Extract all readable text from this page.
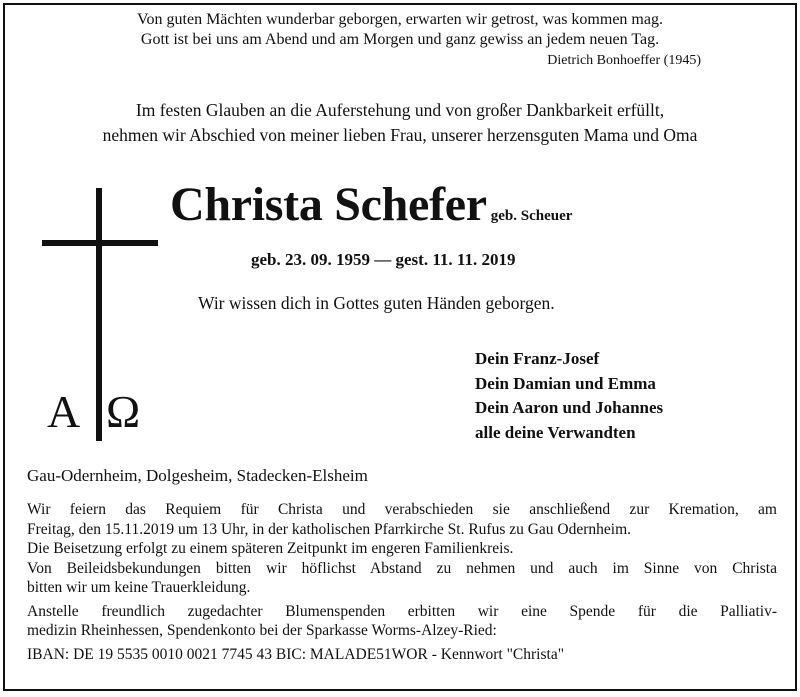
Von guten Mächten wunderbar geborgen, erwarten wir getrost, was kommen mag.
Gott ist bei uns am Abend und am Morgen und ganz gewiss an jedem neuen Tag.
Dietrich Bonhoeffer (1945)
Im festen Glauben an die Auferstehung und von großer Dankbarkeit erfüllt,
nehmen wir Abschied von meiner lieben Frau, unserer herzensguten Mama und Oma
A Ω
Christa Schefer geb. Scheuer
geb. 23. 09. 1959 — gest. 11. 11. 2019
Wir wissen dich in Gottes guten Händen geborgen.
Dein Franz-Josef
Dein Damian und Emma
Dein Aaron und Johannes
alle deine Verwandten
Gau-Odernheim, Dolgesheim, Stadecken-Elsheim
Wir feiern das Requiem für Christa und verabschieden sie anschließend zur Kremation, am
Freitag, den 15.11.2019 um 13 Uhr, in der katholischen Pfarrkirche St. Rufus zu Gau Odernheim.
Die Beisetzung erfolgt zu einem späteren Zeitpunkt im engeren Familienkreis.
Von Beileidsbekundungen bitten wir höflichst Abstand zu nehmen und auch im Sinne von Christa
bitten wir um keine Trauerkleidung.
Anstelle freundlich zugedachter Blumenspenden erbitten wir eine Spende für die Palliativ-
medizin Rheinhessen, Spendenkonto bei der Sparkasse Worms-Alzey-Ried:
IBAN: DE 19 5535 0010 0021 7745 43 BIC: MALADE51WOR - Kennwort "Christa"
